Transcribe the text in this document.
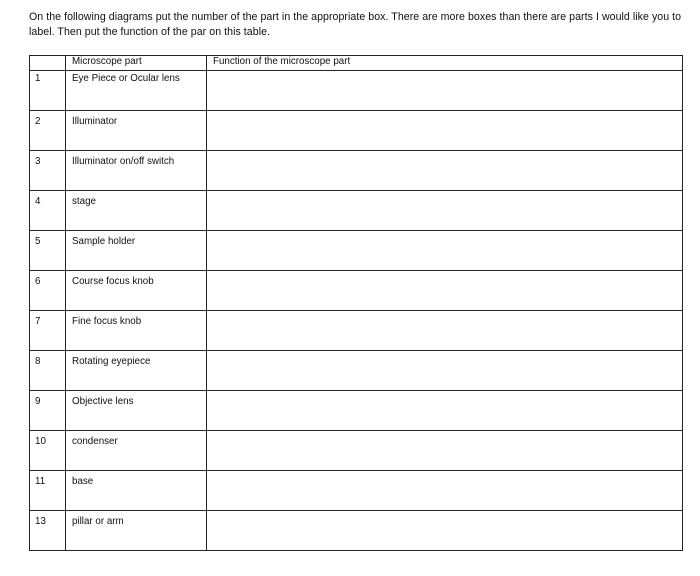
On the following diagrams put the number of the part in the appropriate box. There are more boxes than there are parts I would like you to label. Then put the function of the par on this table.

	Microscope part	Function of the microscope part

1	Eye Piece or Ocular lens	

2	Illuminator	

3	Illuminator on/off switch	

4	stage	

5	Sample holder	

6	Course focus knob	

7	Fine focus knob	

8	Rotating eyepiece	

9	Objective lens	

10	condenser	

11	base	

13	pillar or arm	
